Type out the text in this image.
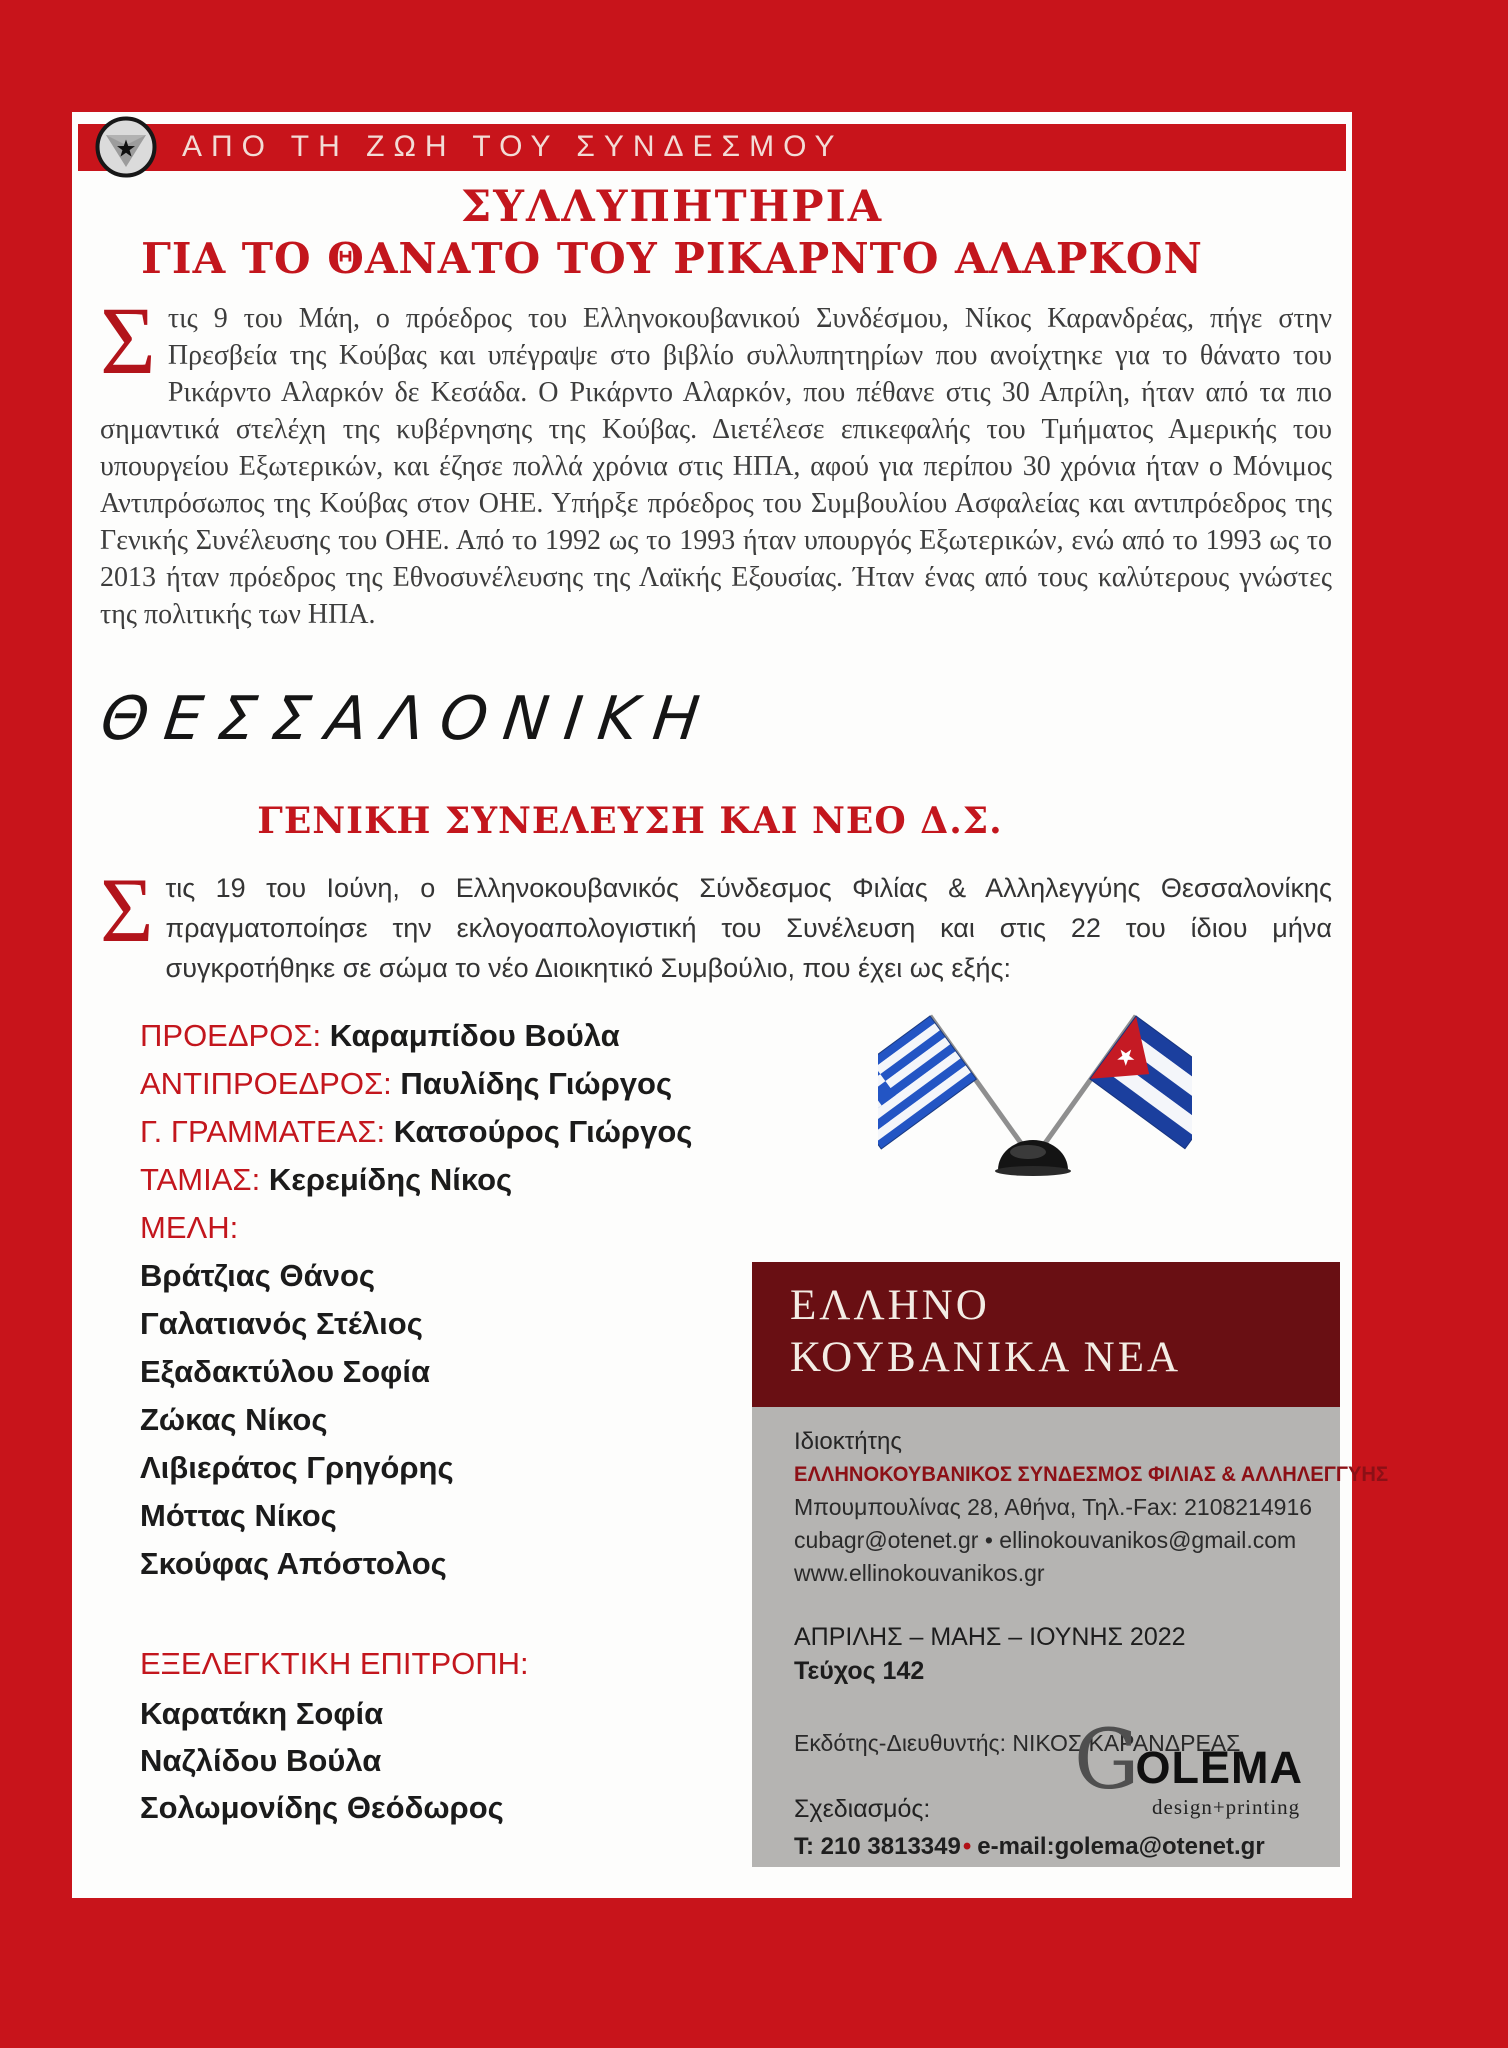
ΑΠΟ ΤΗ ΖΩΗ ΤΟΥ ΣΥΝΔΕΣΜΟΥ
ΣΥΛΛΥΠΗΤΗΡΙΑ
ΓΙΑ ΤΟ ΘΑΝΑΤΟ ΤΟΥ ΡΙΚΑΡΝΤΟ ΑΛΑΡΚΟΝ
Στις 9 του Μάη, ο πρόεδρος του Ελληνοκουβανικού Συνδέσμου, Νίκος Καρανδρέας, πήγε στην Πρεσβεία της Κούβας και υπέγραψε στο βιβλίο συλλυπητηρίων που ανοίχτηκε για το θάνατο του Ρικάρντο Αλαρκόν δε Κεσάδα. Ο Ρικάρντο Αλαρκόν, που πέθανε στις 30 Απρίλη, ήταν από τα πιο σημαντικά στελέχη της κυβέρνησης της Κούβας. Διετέλεσε επικεφαλής του Τμήματος Αμερικής του υπουργείου Εξωτερικών, και έζησε πολλά χρόνια στις ΗΠΑ, αφού για περίπου 30 χρόνια ήταν ο Μόνιμος Αντιπρόσωπος της Κούβας στον ΟΗΕ. Υπήρξε πρόεδρος του Συμβουλίου Ασφαλείας και αντιπρόεδρος της Γενικής Συνέλευσης του ΟΗΕ. Από το 1992 ως το 1993 ήταν υπουργός Εξωτερικών, ενώ από το 1993 ως το 2013 ήταν πρόεδρος της Εθνοσυνέλευσης της Λαϊκής Εξουσίας. Ήταν ένας από τους καλύτερους γνώστες της πολιτικής των ΗΠΑ.
ΘΕΣΣΑΛΟΝΙΚΗ
ΓΕΝΙΚΗ ΣΥΝΕΛΕΥΣΗ ΚΑΙ ΝΕΟ Δ.Σ.
Στις 19 του Ιούνη, ο Ελληνοκουβανικός Σύνδεσμος Φιλίας & Αλληλεγγύης Θεσσαλονίκης πραγματοποίησε την εκλογοαπολογιστική του Συνέλευση και στις 22 του ίδιου μήνα συγκροτήθηκε σε σώμα το νέο Διοικητικό Συμβούλιο, που έχει ως εξής:
ΠΡΟΕΔΡΟΣ: Καραμπίδου Βούλα
ΑΝΤΙΠΡΟΕΔΡΟΣ: Παυλίδης Γιώργος
Γ. ΓΡΑΜΜΑΤΕΑΣ: Κατσούρος Γιώργος
ΤΑΜΙΑΣ: Κερεμίδης Νίκος
ΜΕΛΗ:
Βράτζιας Θάνος
Γαλατιανός Στέλιος
Εξαδακτύλου Σοφία
Ζώκας Νίκος
Λιβιεράτος Γρηγόρης
Μόττας Νίκος
Σκούφας Απόστολος
ΕΞΕΛΕΓΚΤΙΚΗ ΕΠΙΤΡΟΠΗ:
Καρατάκη Σοφία
Ναζλίδου Βούλα
Σολωμονίδης Θεόδωρος
ΕΛΛΗΝΟ
ΚΟΥΒΑΝΙΚΑ ΝΕΑ
Ιδιοκτήτης
ΕΛΛΗΝΟΚΟΥΒΑΝΙΚΟΣ ΣΥΝΔΕΣΜΟΣ ΦΙΛΙΑΣ & ΑΛΛΗΛΕΓΓΥΗΣ
Μπουμπουλίνας 28, Αθήνα, Τηλ.-Fax: 2108214916
cubagr@otenet.gr • ellinokouvanikos@gmail.com
www.ellinokouvanikos.gr
ΑΠΡΙΛΗΣ – ΜΑΗΣ – ΙΟΥΝΗΣ 2022
Τεύχος 142
Εκδότης-Διευθυντής: ΝΙΚΟΣ ΚΑΡΑΝΔΡΕΑΣ
G OLEMA
design+printing
Σχεδιασμός:
Τ: 210 3813349• e-mail:golema@otenet.gr
